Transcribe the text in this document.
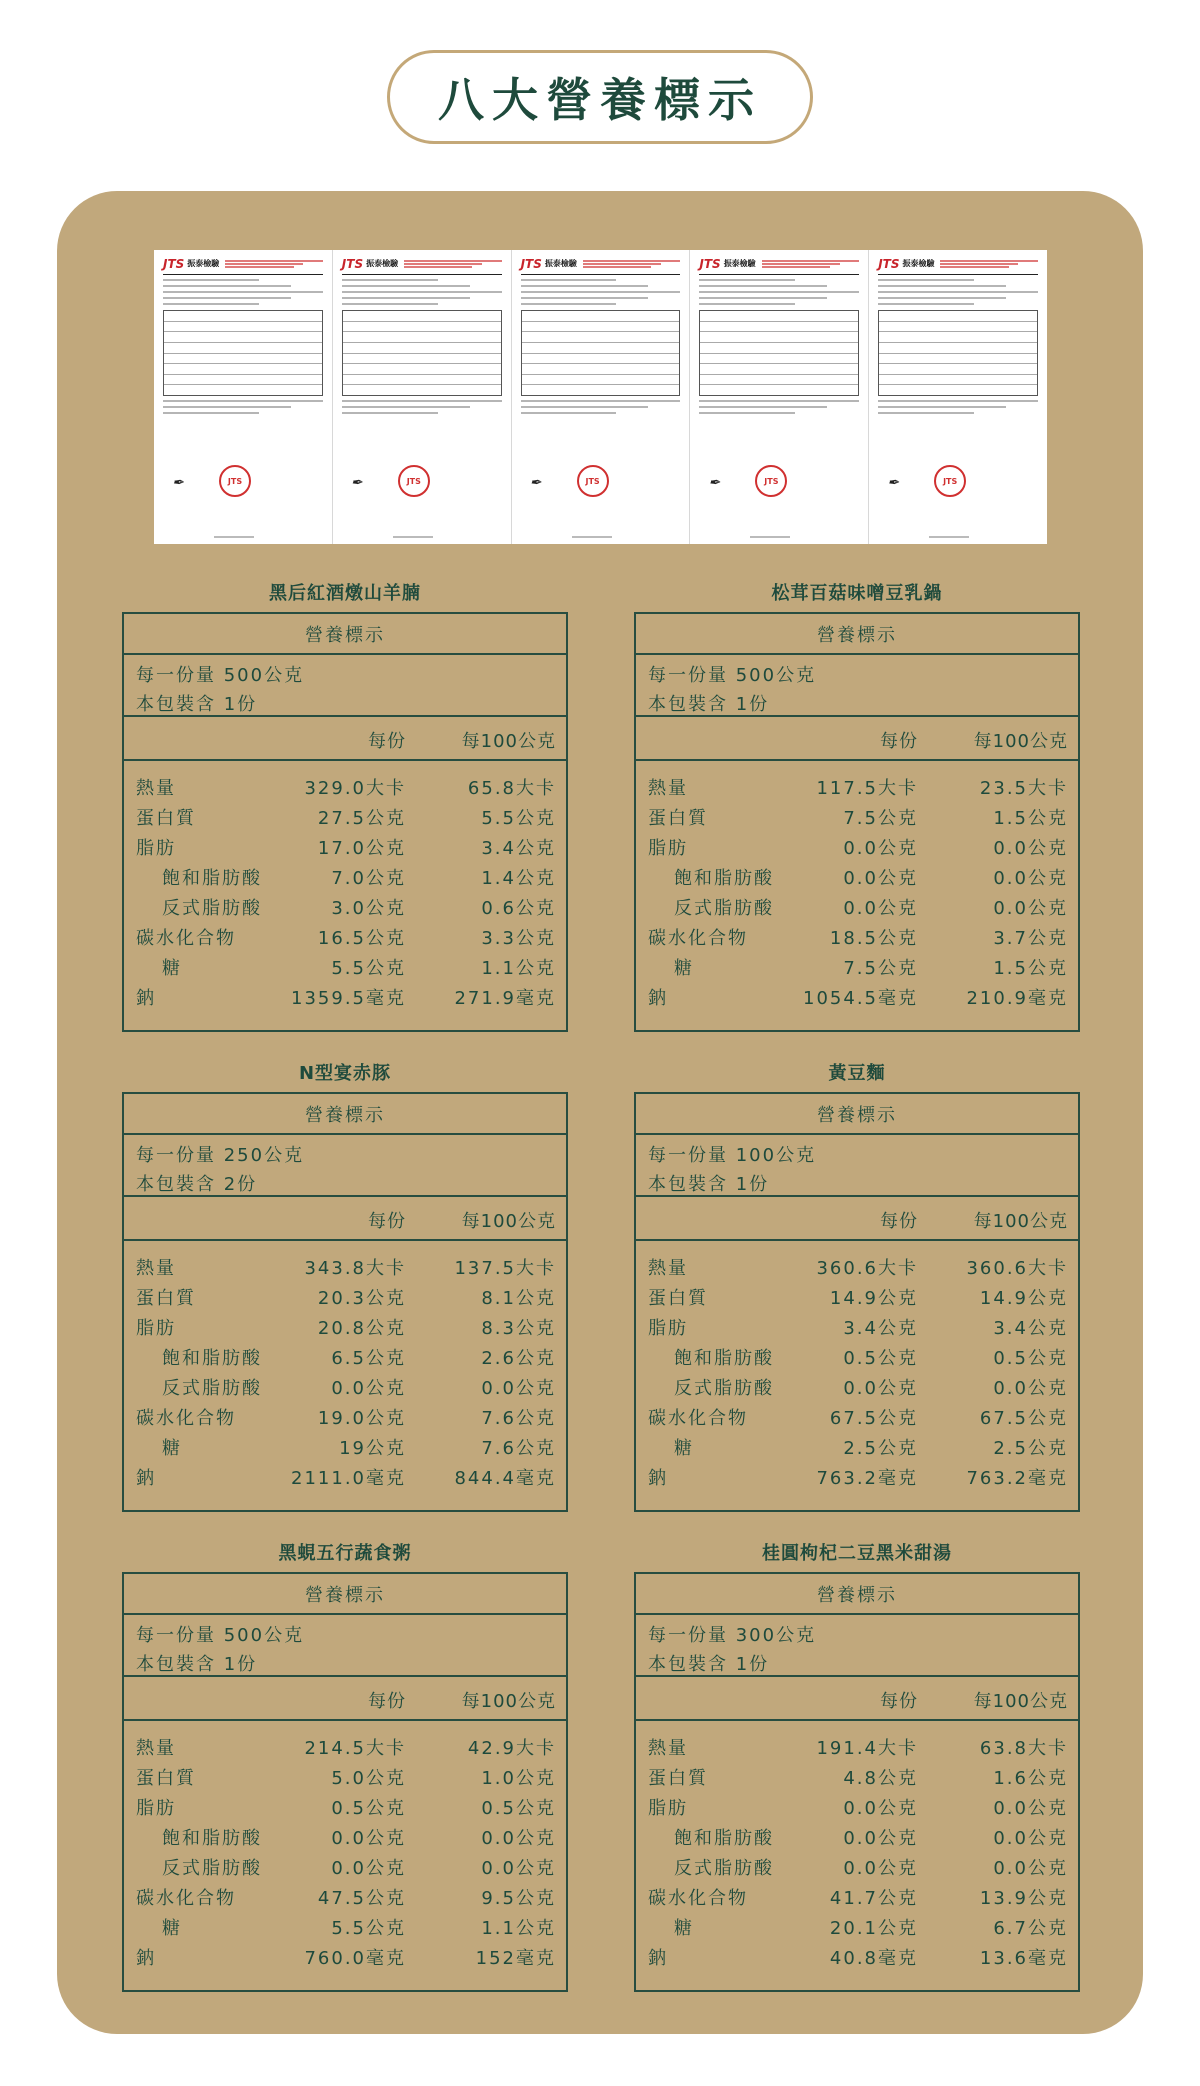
八大營養標示
JTS 振泰檢驗
✒	JTS
JTS 振泰檢驗
✒	JTS
JTS 振泰檢驗
✒	JTS
JTS 振泰檢驗
✒	JTS
JTS 振泰檢驗
✒	JTS
黑后紅酒燉山羊腩
營養標示
每一份量 500公克
本包裝含 1份
每份	每100公克
熱量	329.0大卡	65.8大卡
蛋白質	27.5公克	5.5公克
脂肪	17.0公克	3.4公克
飽和脂肪酸	7.0公克	1.4公克
反式脂肪酸	3.0公克	0.6公克
碳水化合物	16.5公克	3.3公克
糖	5.5公克	1.1公克
鈉	1359.5毫克	271.9毫克
松茸百菇味噌豆乳鍋
營養標示
每一份量 500公克
本包裝含 1份
每份	每100公克
熱量	117.5大卡	23.5大卡
蛋白質	7.5公克	1.5公克
脂肪	0.0公克	0.0公克
飽和脂肪酸	0.0公克	0.0公克
反式脂肪酸	0.0公克	0.0公克
碳水化合物	18.5公克	3.7公克
糖	7.5公克	1.5公克
鈉	1054.5毫克	210.9毫克
N型宴赤豚
營養標示
每一份量 250公克
本包裝含 2份
每份	每100公克
熱量	343.8大卡	137.5大卡
蛋白質	20.3公克	8.1公克
脂肪	20.8公克	8.3公克
飽和脂肪酸	6.5公克	2.6公克
反式脂肪酸	0.0公克	0.0公克
碳水化合物	19.0公克	7.6公克
糖	19公克	7.6公克
鈉	2111.0毫克	844.4毫克
黃豆麵
營養標示
每一份量 100公克
本包裝含 1份
每份	每100公克
熱量	360.6大卡	360.6大卡
蛋白質	14.9公克	14.9公克
脂肪	3.4公克	3.4公克
飽和脂肪酸	0.5公克	0.5公克
反式脂肪酸	0.0公克	0.0公克
碳水化合物	67.5公克	67.5公克
糖	2.5公克	2.5公克
鈉	763.2毫克	763.2毫克
黑蜆五行蔬食粥
營養標示
每一份量 500公克
本包裝含 1份
每份	每100公克
熱量	214.5大卡	42.9大卡
蛋白質	5.0公克	1.0公克
脂肪	0.5公克	0.5公克
飽和脂肪酸	0.0公克	0.0公克
反式脂肪酸	0.0公克	0.0公克
碳水化合物	47.5公克	9.5公克
糖	5.5公克	1.1公克
鈉	760.0毫克	152毫克
桂圓枸杞二豆黑米甜湯
營養標示
每一份量 300公克
本包裝含 1份
每份	每100公克
熱量	191.4大卡	63.8大卡
蛋白質	4.8公克	1.6公克
脂肪	0.0公克	0.0公克
飽和脂肪酸	0.0公克	0.0公克
反式脂肪酸	0.0公克	0.0公克
碳水化合物	41.7公克	13.9公克
糖	20.1公克	6.7公克
鈉	40.8毫克	13.6毫克
